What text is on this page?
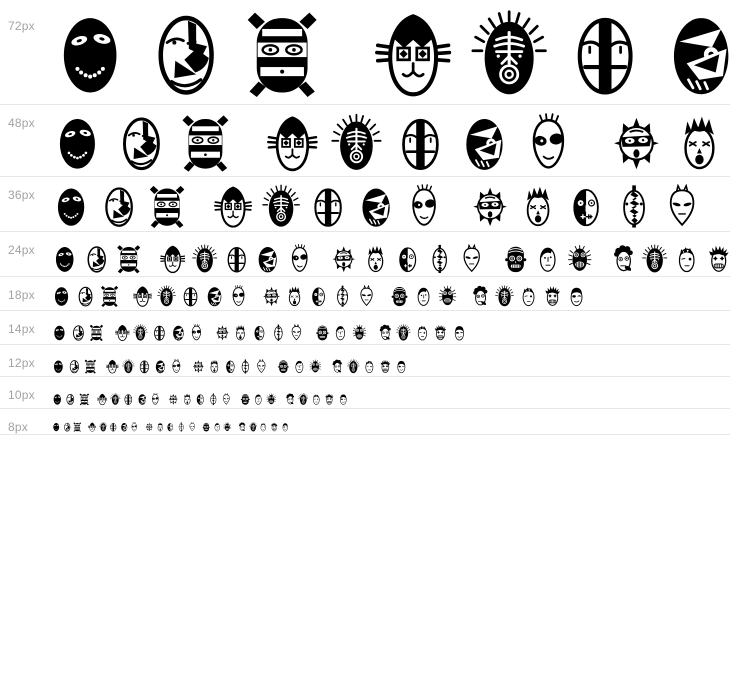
72px
48px
36px
24px
18px
14px
12px
10px
8px
